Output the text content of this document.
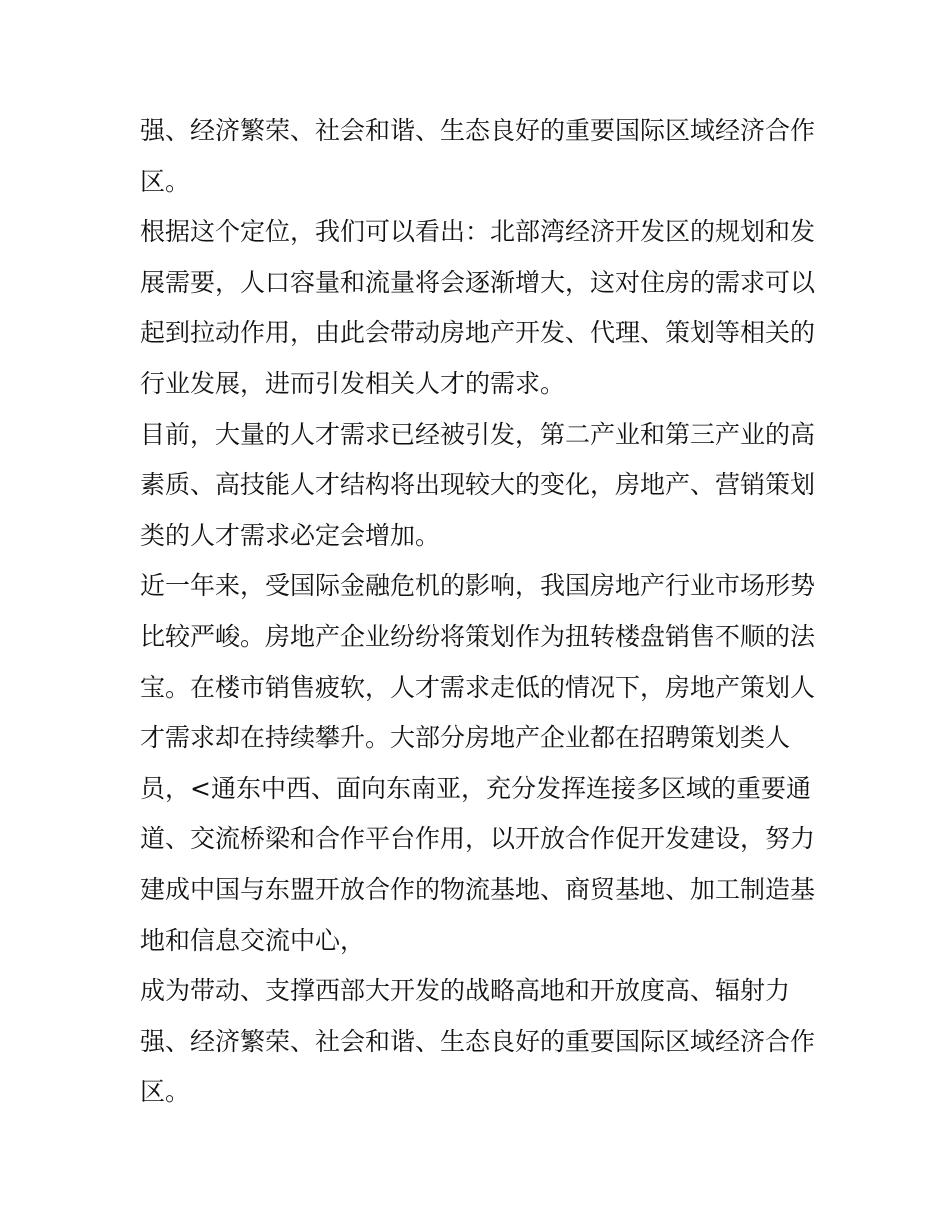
强、经济繁荣、社会和谐、生态良好的重要国际区域经济合作
区。

根据这个定位，我们可以看出：北部湾经济开发区的规划和发
展需要，人口容量和流量将会逐渐增大，这对住房的需求可以
起到拉动作用，由此会带动房地产开发、代理、策划等相关的
行业发展，进而引发相关人才的需求。

目前，大量的人才需求已经被引发，第二产业和第三产业的高
素质、高技能人才结构将出现较大的变化，房地产、营销策划
类的人才需求必定会增加。

近一年来，受国际金融危机的影响，我国房地产行业市场形势
比较严峻。房地产企业纷纷将策划作为扭转楼盘销售不顺的法
宝。在楼市销售疲软，人才需求走低的情况下，房地产策划人
才需求却在持续攀升。大部分房地产企业都在招聘策划类人
员，<通东中西、面向东南亚，充分发挥连接多区域的重要通
道、交流桥梁和合作平台作用，以开放合作促开发建设，努力
建成中国与东盟开放合作的物流基地、商贸基地、加工制造基
地和信息交流中心，

成为带动、支撑西部大开发的战略高地和开放度高、辐射力
强、经济繁荣、社会和谐、生态良好的重要国际区域经济合作
区。
